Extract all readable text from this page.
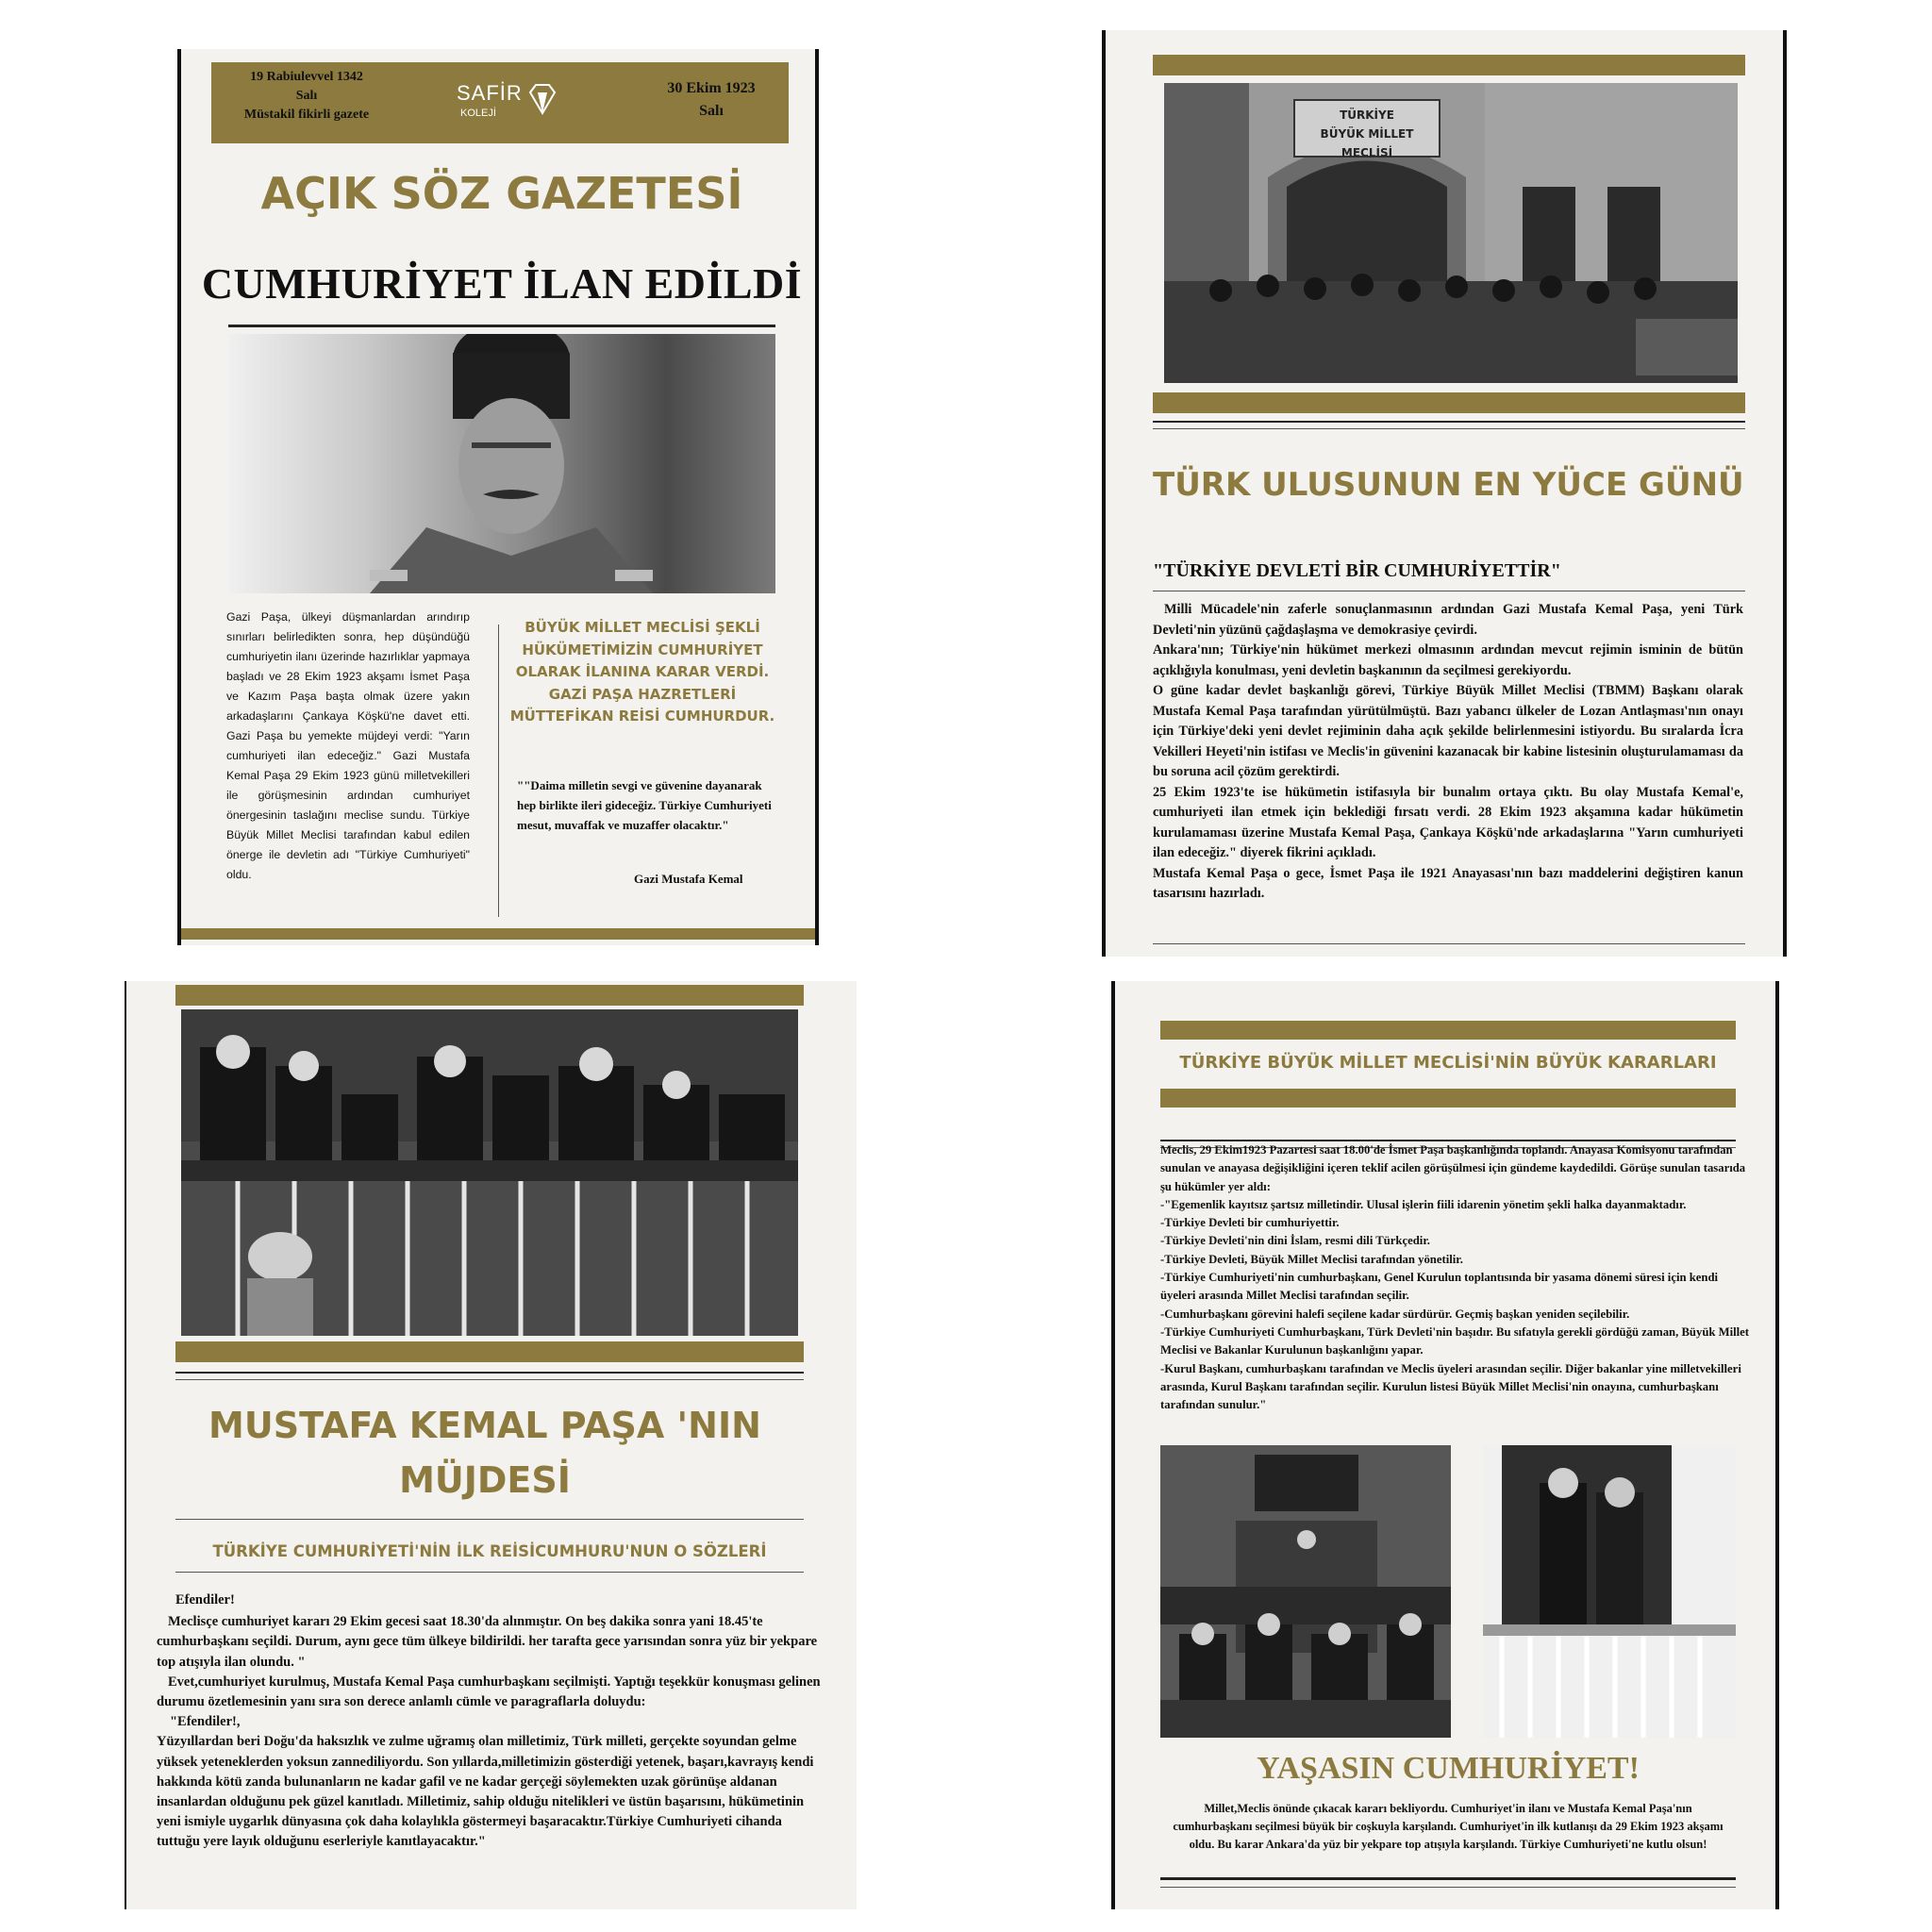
19 Rabiulevvel 1342
Salı
Müstakil fikirli gazete
SAFİR
KOLEJİ
30 Ekim 1923
Salı
AÇIK SÖZ GAZETESİ
CUMHURİYET İLAN EDİLDİ
Gazi Paşa, ülkeyi düşmanlardan arındırıp sınırları belirledikten sonra, hep düşündüğü cumhuriyetin ilanı üzerinde hazırlıklar yapmaya başladı ve 28 Ekim 1923 akşamı İsmet Paşa ve Kazım Paşa başta olmak üzere yakın arkadaşlarını Çankaya Köşkü'ne davet etti. Gazi Paşa bu yemekte müjdeyi verdi: "Yarın cumhuriyeti ilan edeceğiz." Gazi Mustafa Kemal Paşa 29 Ekim 1923 günü milletvekilleri ile görüşmesinin ardından cumhuriyet önergesinin taslağını meclise sundu. Türkiye Büyük Millet Meclisi tarafından kabul edilen önerge ile devletin adı "Türkiye Cumhuriyeti" oldu.
BÜYÜK MİLLET MECLİSİ ŞEKLİ HÜKÜMETİMİZİN CUMHURİYET OLARAK İLANINA KARAR VERDİ. GAZİ PAŞA HAZRETLERİ MÜTTEFİKAN REİSİ CUMHURDUR.
""Daima milletin sevgi ve güvenine dayanarak hep birlikte ileri gideceğiz. Türkiye Cumhuriyeti mesut, muvaffak ve muzaffer olacaktır."
Gazi Mustafa Kemal
TÜRKİYE
BÜYÜK MİLLET MECLİSİ
TÜRK ULUSUNUN EN YÜCE GÜNÜ
"TÜRKİYE DEVLETİ BİR CUMHURİYETTİR"

Milli Mücadele'nin zaferle sonuçlanmasının ardından Gazi Mustafa Kemal Paşa, yeni Türk Devleti'nin yüzünü çağdaşlaşma ve demokrasiye çevirdi.

Ankara'nın; Türkiye'nin hükümet merkezi olmasının ardından mevcut rejimin isminin de bütün açıklığıyla konulması, yeni devletin başkanının da seçilmesi gerekiyordu.

O güne kadar devlet başkanlığı görevi, Türkiye Büyük Millet Meclisi (TBMM) Başkanı olarak Mustafa Kemal Paşa tarafından yürütülmüştü. Bazı yabancı ülkeler de Lozan Antlaşması'nın onayı için Türkiye'deki yeni devlet rejiminin daha açık şekilde belirlenmesini istiyordu. Bu sıralarda İcra Vekilleri Heyeti'nin istifası ve Meclis'in güvenini kazanacak bir kabine listesinin oluşturulamaması da bu soruna acil çözüm gerektirdi.

25 Ekim 1923'te ise hükümetin istifasıyla bir bunalım ortaya çıktı. Bu olay Mustafa Kemal'e, cumhuriyeti ilan etmek için beklediği fırsatı verdi. 28 Ekim 1923 akşamına kadar hükümetin kurulamaması üzerine Mustafa Kemal Paşa, Çankaya Köşkü'nde arkadaşlarına "Yarın cumhuriyeti ilan edeceğiz." diyerek fikrini açıkladı.

Mustafa Kemal Paşa o gece, İsmet Paşa ile 1921 Anayasası'nın bazı maddelerini değiştiren kanun tasarısını hazırladı.

MUSTAFA KEMAL PAŞA 'NIN
MÜJDESİ
TÜRKİYE CUMHURİYETİ'NİN İLK REİSİCUMHURU'NUN O SÖZLERİ

Efendiler!

Meclisçe cumhuriyet kararı 29 Ekim gecesi saat 18.30'da alınmıştır. On beş dakika sonra yani 18.45'te cumhurbaşkanı seçildi. Durum, aynı gece tüm ülkeye bildirildi. her tarafta gece yarısından sonra yüz bir yekpare top atışıyla ilan olundu. "

Evet,cumhuriyet kurulmuş, Mustafa Kemal Paşa cumhurbaşkanı seçilmişti. Yaptığı teşekkür konuşması gelinen durumu özetlemesinin yanı sıra son derece anlamlı cümle ve paragraflarla doluydu:

"Efendiler!,

Yüzyıllardan beri Doğu'da haksızlık ve zulme uğramış olan milletimiz, Türk milleti, gerçekte soyundan gelme yüksek yeteneklerden yoksun zannediliyordu. Son yıllarda,milletimizin gösterdiği yetenek, başarı,kavrayış kendi hakkında kötü zanda bulunanların ne kadar gafil ve ne kadar gerçeği söylemekten uzak görünüşe aldanan insanlardan olduğunu pek güzel kanıtladı. Milletimiz, sahip olduğu nitelikleri ve üstün başarısını, hükümetinin yeni ismiyle uygarlık dünyasına çok daha kolaylıkla göstermeyi başaracaktır.Türkiye Cumhuriyeti cihanda tuttuğu yere layık olduğunu eserleriyle kanıtlayacaktır."

TÜRKİYE BÜYÜK MİLLET MECLİSİ'NİN BÜYÜK KARARLARI

Meclis, 29 Ekim1923 Pazartesi saat 18.00'de İsmet Paşa başkanlığında toplandı. Anayasa Komisyonu tarafından sunulan ve anayasa değişikliğini içeren teklif acilen görüşülmesi için gündeme kaydedildi. Görüşe sunulan tasarıda şu hükümler yer aldı:

-"Egemenlik kayıtsız şartsız milletindir. Ulusal işlerin fiili idarenin yönetim şekli halka dayanmaktadır.

-Türkiye Devleti bir cumhuriyettir.

-Türkiye Devleti'nin dini İslam, resmi dili Türkçedir.

-Türkiye Devleti, Büyük Millet Meclisi tarafından yönetilir.

-Türkiye Cumhuriyeti'nin cumhurbaşkanı, Genel Kurulun toplantısında bir yasama dönemi süresi için kendi üyeleri arasında Millet Meclisi tarafından seçilir.

-Cumhurbaşkanı görevini halefi seçilene kadar sürdürür. Geçmiş başkan yeniden seçilebilir.

-Türkiye Cumhuriyeti Cumhurbaşkanı, Türk Devleti'nin başıdır. Bu sıfatıyla gerekli gördüğü zaman, Büyük Millet Meclisi ve Bakanlar Kurulunun başkanlığını yapar.

-Kurul Başkanı, cumhurbaşkanı tarafından ve Meclis üyeleri arasından seçilir. Diğer bakanlar yine milletvekilleri arasında, Kurul Başkanı tarafından seçilir. Kurulun listesi Büyük Millet Meclisi'nin onayına, cumhurbaşkanı tarafından sunulur."

YAŞASIN CUMHURİYET!
Millet,Meclis önünde çıkacak kararı bekliyordu. Cumhuriyet'in ilanı ve Mustafa Kemal Paşa'nın cumhurbaşkanı seçilmesi büyük bir coşkuyla karşılandı. Cumhuriyet'in ilk kutlanışı da 29 Ekim 1923 akşamı oldu. Bu karar Ankara'da yüz bir yekpare top atışıyla karşılandı. Türkiye Cumhuriyeti'ne kutlu olsun!
